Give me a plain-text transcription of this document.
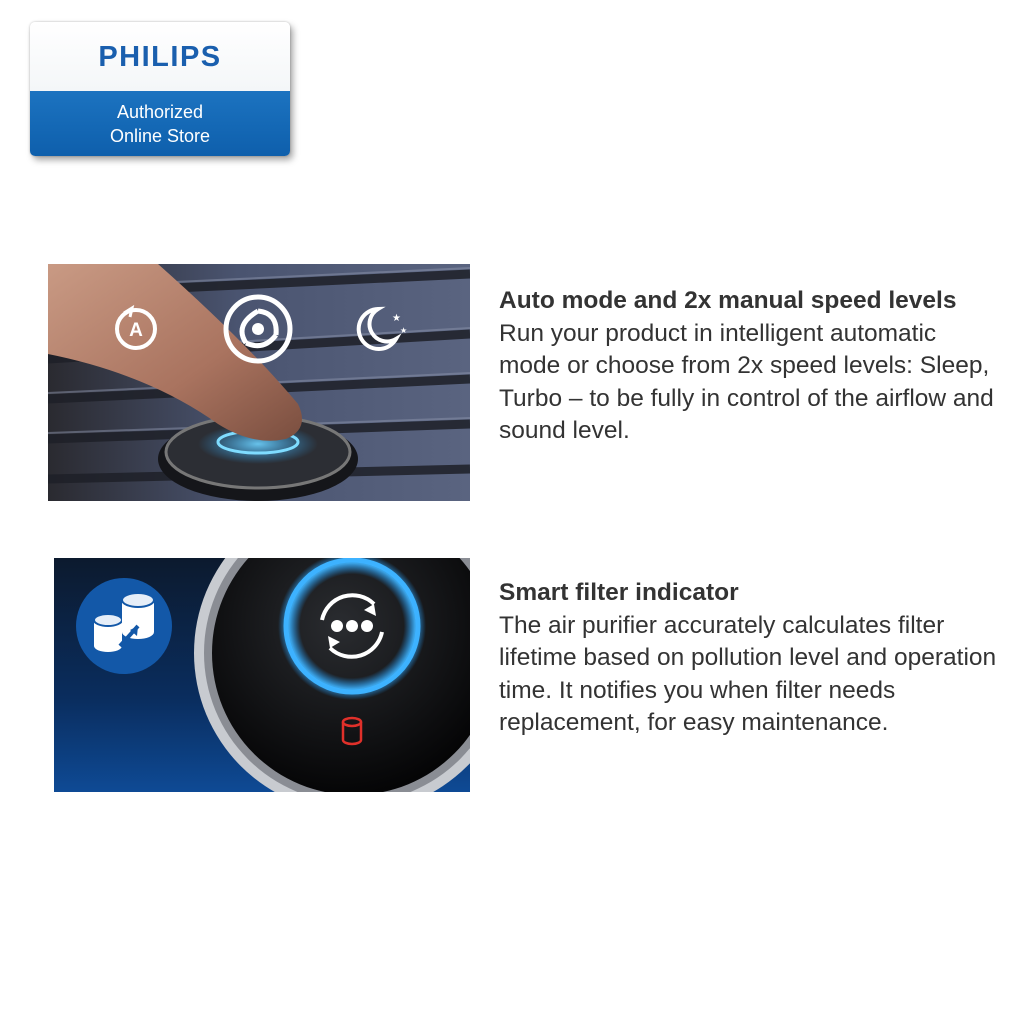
PHILIPS
Authorized
Online Store
A
★
★
Auto mode and 2x manual speed levels
Run your product in intelligent automatic mode or choose from 2x speed levels: Sleep, Turbo – to be fully in control of the airflow and sound level.
Smart filter indicator
The air purifier accurately calculates filter lifetime based on pollution level and operation time. It notifies you when filter needs replacement, for easy maintenance.
